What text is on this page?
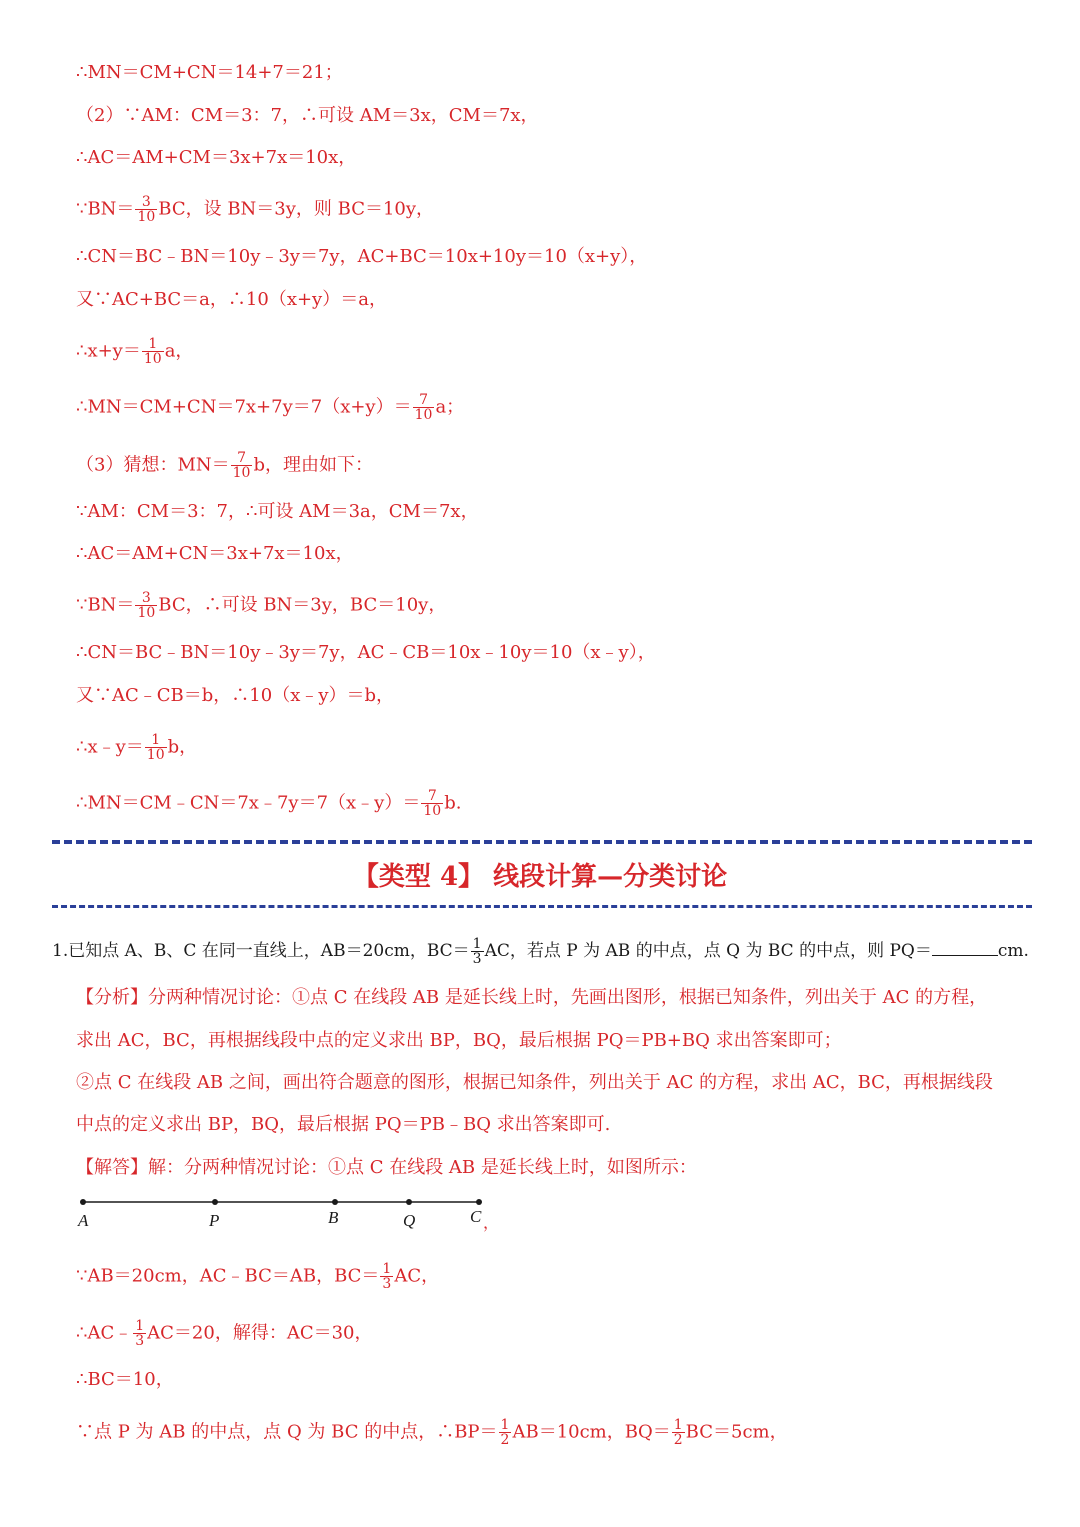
∴MN＝CM+CN＝14+7＝21；
（2）∵AM：CM＝3：7，∴可设 AM＝3x，CM＝7x，
∴AC＝AM+CM＝3x+7x＝10x，
∵BN＝ $\frac{3}{10}$ BC，设 BN＝3y，则 BC＝10y，
∴CN＝BC﹣BN＝10y﹣3y＝7y，AC+BC＝10x+10y＝10（x+y），
又∵AC+BC＝a，∴10（x+y）＝a，
∴x+y＝ $\frac{1}{10}$ a，
∴MN＝CM+CN＝7x+7y＝7（x+y）＝ $\frac{7}{10}$ a；
（3）猜想：$MN= \frac{7}{10}$ b，理由如下：
∵AM：CM＝3：7，∴可设 AM＝3a，CM＝7x，
∴AC＝AM+CN＝3x+7x＝10x，
∵BN＝ $\frac{3}{10}$ BC，∴可设 BN＝3y，BC＝10y，
∴CN＝BC﹣BN＝10y﹣3y＝7y，AC﹣CB＝10x﹣10y＝10（x﹣y），
又∵AC﹣CB＝b，∴10（x﹣y）＝b，
∴x﹣y＝ $\frac{1}{10}$ b，
∴MN＝CM﹣CN＝7x﹣7y＝7（x﹣y）＝ $\frac{7}{10} b$.
【类型 4】 线段计算—分类讨论
1.已知点 A、B、C 在同一直线上，AB＝20cm，$BC= \frac{1}{3}$ AC，若点 P 为 AB 的中点，点 Q 为 BC 的中点，则 PQ＝	cm.
【分析】分两种情况讨论：①点 C 在线段 AB 是延长线上时，先画出图形，根据已知条件，列出关于 AC 的方程，
求出 AC，BC，再根据线段中点的定义求出 BP，BQ，最后根据 PQ＝PB+BQ 求出答案即可；
②点 C 在线段 AB 之间，画出符合题意的图形，根据已知条件，列出关于 AC 的方程，求出 AC，BC，再根据线段
中点的定义求出 BP，BQ，最后根据 PQ＝PB﹣BQ 求出答案即可.
【解答】解：分两种情况讨论：①点 C 在线段 AB 是延长线上时，如图所示：
A	P	B	Q	C ，
∵AB＝20cm，AC﹣BC＝AB，$BC= \frac{1}{3}$ AC，
∴AC﹣ $\frac{1}{3} AC=20$，解得：AC＝30，
∴BC＝10，
∵点 P 为 AB 的中点，点 Q 为 BC 的中点，∴BP＝ $\frac{1}{2} AB=10cm$，$BQ= \frac{1}{2} BC=5cm$，
